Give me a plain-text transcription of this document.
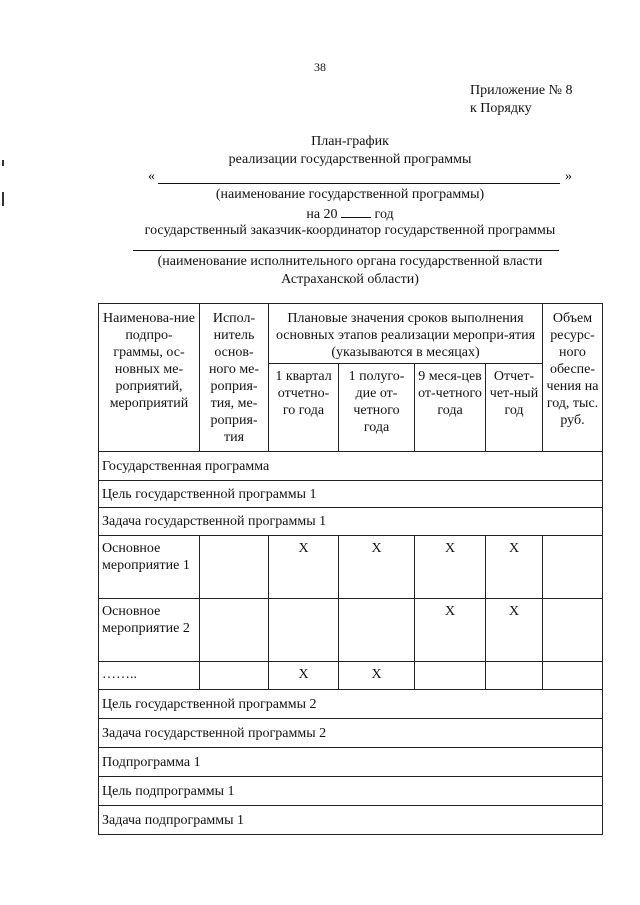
38
Приложение № 8
к Порядку
План-график
реализации государственной программы
«	»
(наименование государственной программы)
на 20	год
государственный заказчик-координатор государственной программы
(наименование исполнительного органа государственной власти
Астраханской области)
Наименова-ние подпро-граммы, ос-новных ме-роприятий, мероприятий	Испол-нитель основ-ного ме-роприя-тия, ме-роприя-тия	Плановые значения сроков выполнения основных этапов реализации меропри-ятия (указываются в месяцах)				Объем ресурс-ного обеспе-чения на год, тыс. руб.
		1 квартал отчетно-го года	1 полуго-дие от-четного года	9 меся-цев от-четного года	Отчет-чет-ный год	
Государственная программа						
Цель государственной программы 1						
Задача государственной программы 1						
Основное мероприятие 1		Х	Х	Х	Х	
Основное мероприятие 2				Х	Х	
……..		Х	Х			
Цель государственной программы 2						
Задача государственной программы 2						
Подпрограмма 1						
Цель подпрограммы 1						
Задача подпрограммы 1						
